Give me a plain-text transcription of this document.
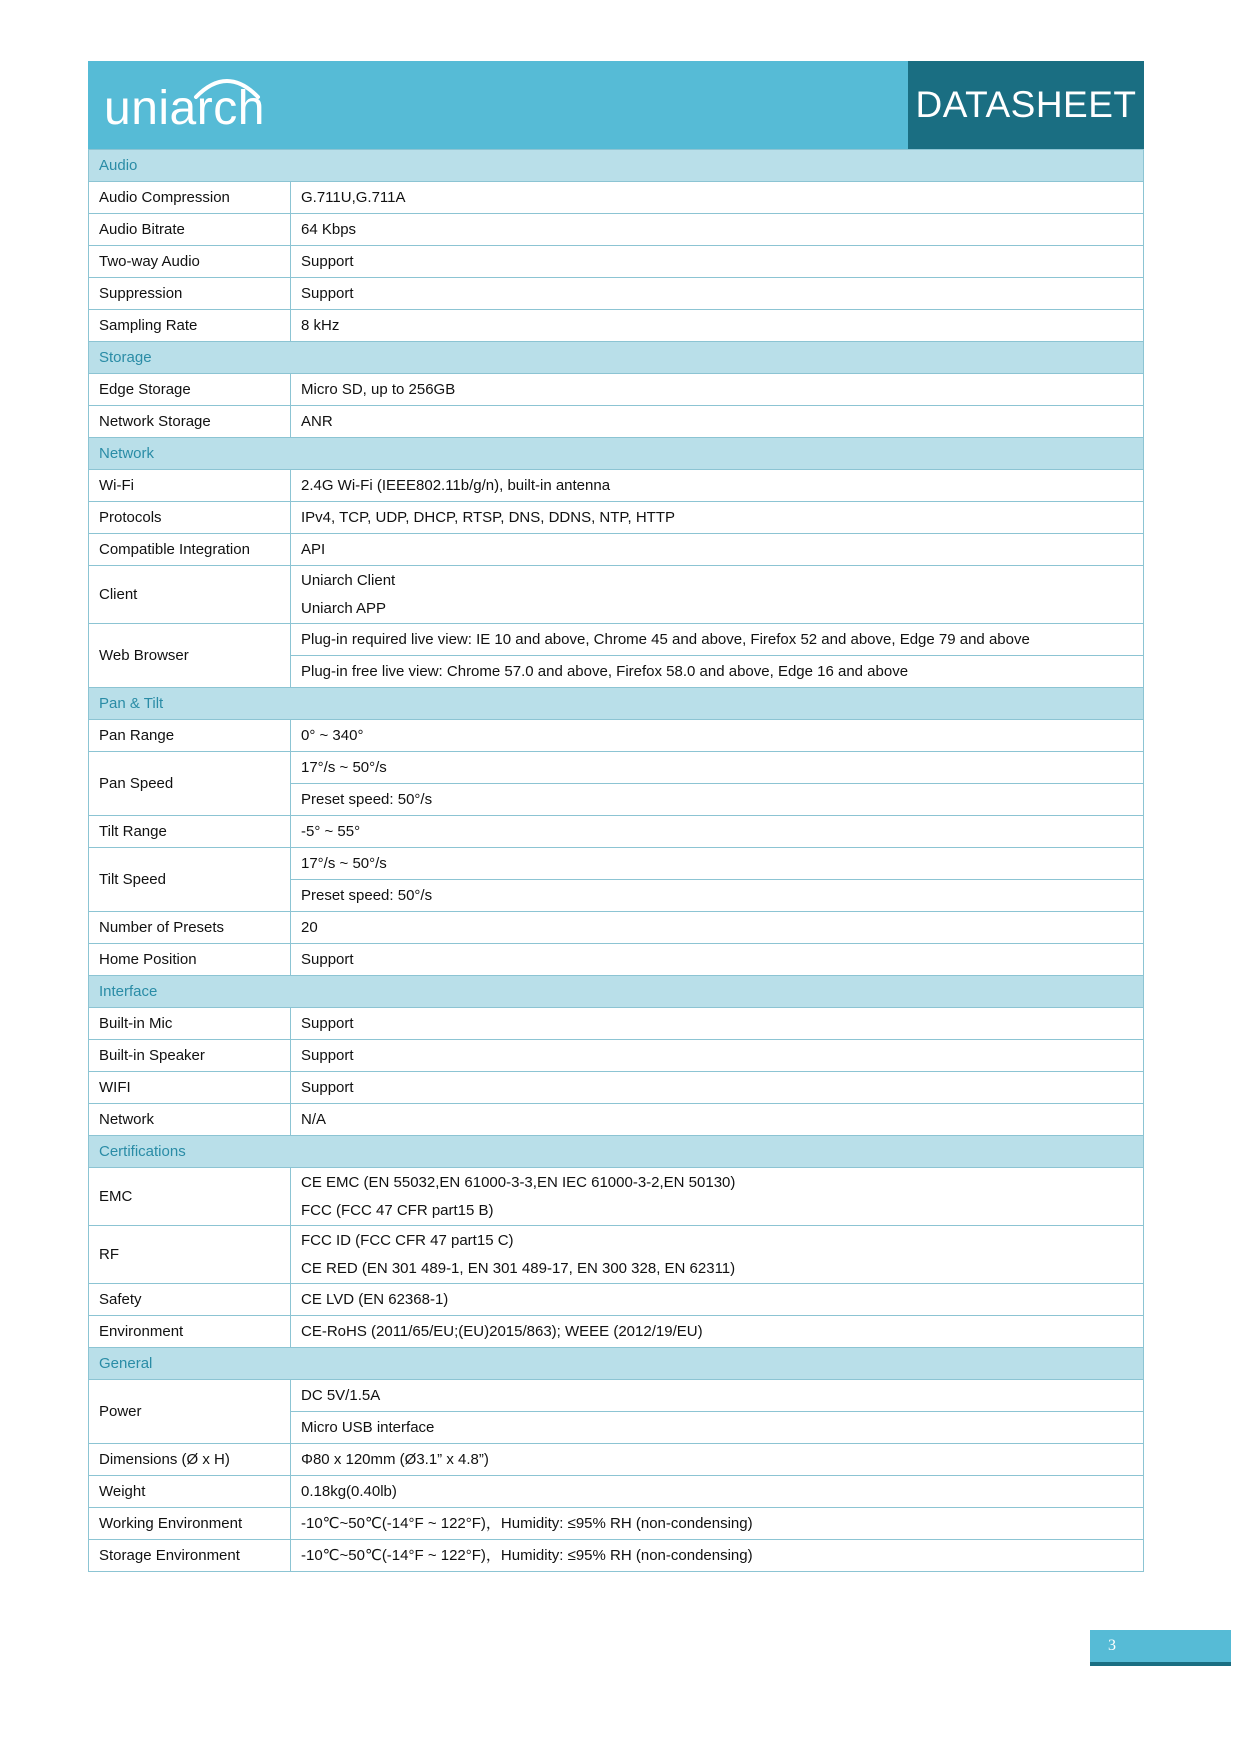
uniarch	DATASHEET
Audio	
Audio Compression	G.711U,G.711A
Audio Bitrate	64 Kbps
Two-way Audio	Support
Suppression	Support
Sampling Rate	8 kHz
Storage	
Edge Storage	Micro SD, up to 256GB
Network Storage	ANR
Network	
Wi-Fi	2.4G Wi-Fi (IEEE802.11b/g/n), built-in antenna
Protocols	IPv4, TCP, UDP, DHCP, RTSP, DNS, DDNS, NTP, HTTP
Compatible Integration	API
Client	Uniarch Client
Uniarch APP

Web Browser	Plug-in required live view: IE 10 and above, Chrome 45 and above, Firefox 52 and above, Edge 79 and above
	Plug-in free live view: Chrome 57.0 and above, Firefox 58.0 and above, Edge 16 and above
Pan & Tilt	
Pan Range	0° ~ 340°
Pan Speed	17°/s ~ 50°/s
	Preset speed: 50°/s
Tilt Range	-5° ~ 55°
Tilt Speed	17°/s ~ 50°/s
	Preset speed: 50°/s
Number of Presets	20
Home Position	Support
Interface	
Built-in Mic	Support
Built-in Speaker	Support
WIFI	Support
Network	N/A
Certifications	
EMC	CE EMC (EN 55032,EN 61000-3-3,EN IEC 61000-3-2,EN 50130)
FCC (FCC 47 CFR part15 B)

RF	FCC ID (FCC CFR 47 part15 C)
CE RED (EN 301 489-1, EN 301 489-17, EN 300 328, EN 62311)

Safety	CE LVD (EN 62368-1)
Environment	CE-RoHS (2011/65/EU;(EU)2015/863); WEEE (2012/19/EU)
General	
Power	DC 5V/1.5A
	Micro USB interface
Dimensions (Ø x H)	Φ80 x 120mm (Ø3.1” x 4.8”)
Weight	0.18kg(0.40lb)
Working Environment	-10℃~50℃(-14°F ~ 122°F)，Humidity: ≤95% RH (non-condensing)
Storage Environment	-10℃~50℃(-14°F ~ 122°F)，Humidity: ≤95% RH (non-condensing)
3
